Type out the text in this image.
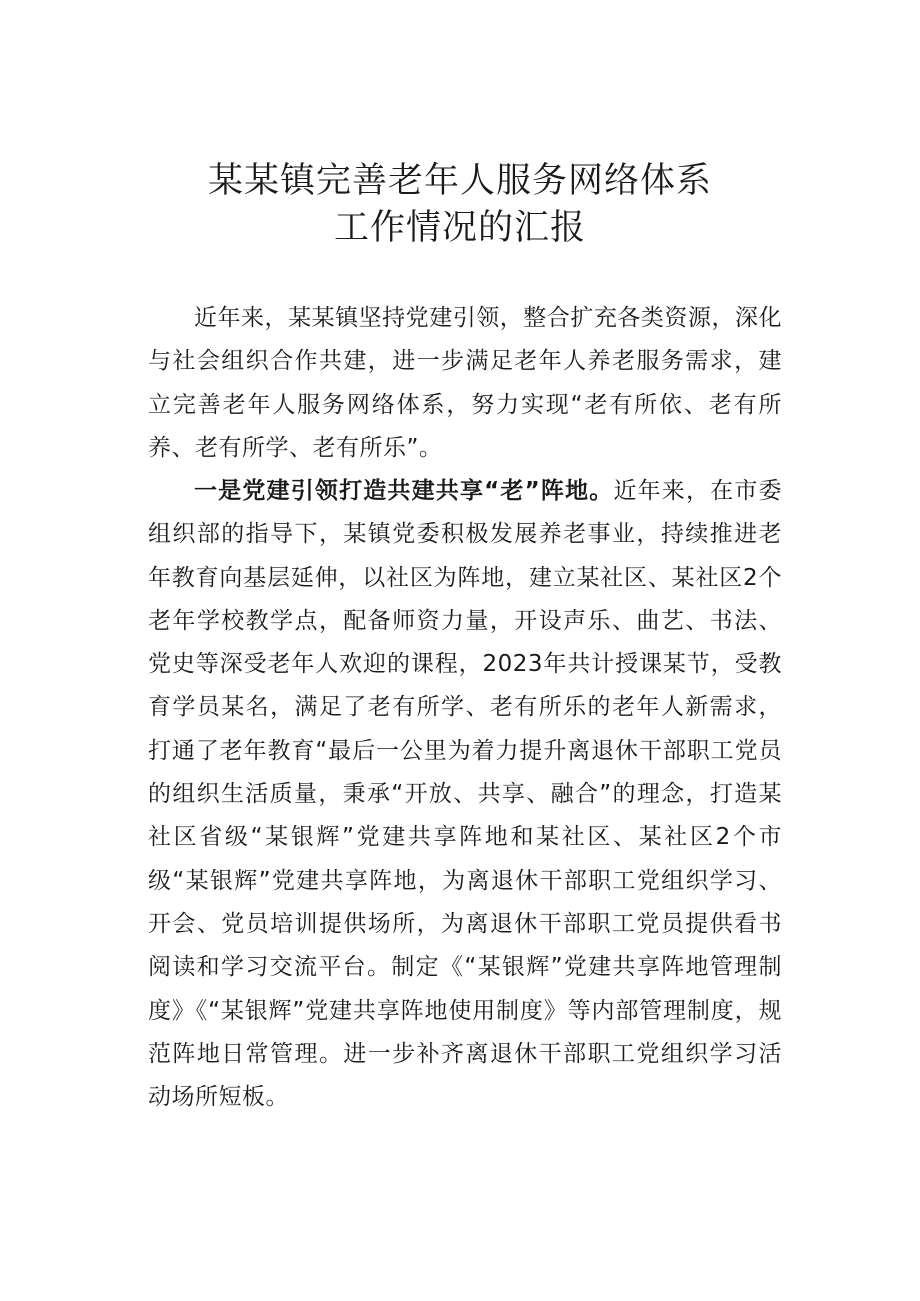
某某镇完善老年人服务网络体系
工作情况的汇报

近年来，某某镇坚持党建引领，整合扩充各类资源，深化与社会组织合作共建，进一步满足老年人养老服务需求，建立完善老年人服务网络体系，努力实现“老有所依、老有所养、老有所学、老有所乐”。

一是党建引领打造共建共享“老”阵地。近年来，在市委组织部的指导下，某镇党委积极发展养老事业，持续推进老年教育向基层延伸，以社区为阵地，建立某社区、某社区2个老年学校教学点，配备师资力量，开设声乐、曲艺、书法、党史等深受老年人欢迎的课程，2023年共计授课某节，受教育学员某名，满足了老有所学、老有所乐的老年人新需求，打通了老年教育“最后一公里为着力提升离退休干部职工党员的组织生活质量，秉承“开放、共享、融合”的理念，打造某社区省级“某银辉”党建共享阵地和某社区、某社区2个市级“某银辉”党建共享阵地，为离退休干部职工党组织学习、开会、党员培训提供场所，为离退休干部职工党员提供看书阅读和学习交流平台。制定《“某银辉”党建共享阵地管理制度》《“某银辉”党建共享阵地使用制度》等内部管理制度，规范阵地日常管理。进一步补齐离退休干部职工党组织学习活动场所短板。
